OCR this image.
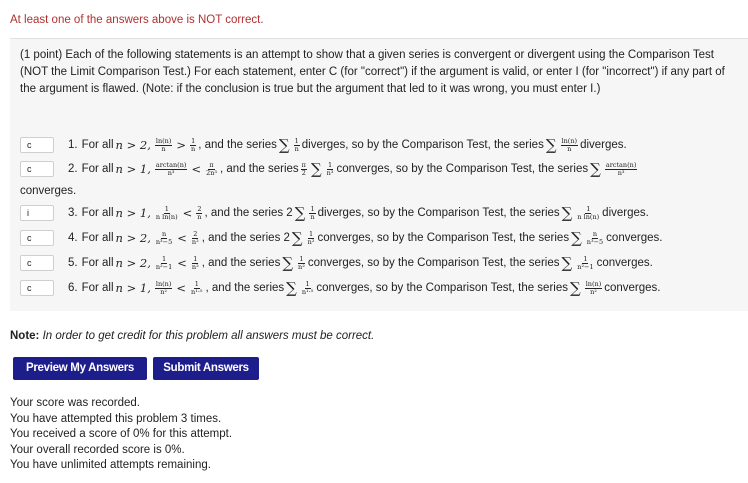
At least one of the answers above is NOT correct.
(1 point) Each of the following statements is an attempt to show that a given series is convergent or divergent using the Comparison Test (NOT the Limit Comparison Test.) For each statement, enter C (for "correct") if the argument is valid, or enter I (for "incorrect") if any part of the argument is flawed. (Note: if the conclusion is true but the argument that led to it was wrong, you must enter I.)
c
1. For all n > 2, $\frac{\ln(n)}{n} > \frac{1}{n}$ , and the series ∑ $\frac{1}{n}$ diverges, so by the Comparison Test, the series ∑ $\frac{\ln(n)}{n}$ diverges.
c
2. For all n > 1, $\frac{\arctan(n)}{\text{n³}} < \frac{\pi}{\text{2n³}}$ , and the series $\frac{\pi}{2}$ ∑ $\frac{1}{\text{n³}}$ converges, so by the Comparison Test, the series ∑ $\frac{\arctan(n)}{\text{n³}}$
converges.
i
3. For all n > 1, $\frac{1}{\text{n ln(n)}} < \frac{2}{n}$ , and the series 2 ∑ $\frac{1}{n}$ diverges, so by the Comparison Test, the series ∑ $\frac{1}{\text{n ln(n)}}$ diverges.
c
4. For all n > 2, $\frac{n}{\text{n³−5}} < \frac{2}{\text{n²}}$ , and the series 2 ∑ $\frac{1}{\text{n²}}$ converges, so by the Comparison Test, the series ∑ $\frac{n}{\text{n³−5}}$ converges.
c
5. For all n > 2, $\frac{1}{\text{n²−1}} < \frac{1}{\text{n²}}$ , and the series ∑ $\frac{1}{\text{n²}}$ converges, so by the Comparison Test, the series ∑ $\frac{1}{\text{n²−1}}$ converges.
c
6. For all n > 1, $\frac{\ln(n)}{\text{n²}} < \frac{1}{\text{n¹·⁵}}$ , and the series ∑ $\frac{1}{\text{n¹·⁵}}$ converges, so by the Comparison Test, the series ∑ $\frac{\ln(n)}{\text{n²}}$ converges.
Note: In order to get credit for this problem all answers must be correct.
Preview My Answers	Submit Answers
Your score was recorded.
You have attempted this problem 3 times.
You received a score of 0% for this attempt.
Your overall recorded score is 0%.
You have unlimited attempts remaining.
